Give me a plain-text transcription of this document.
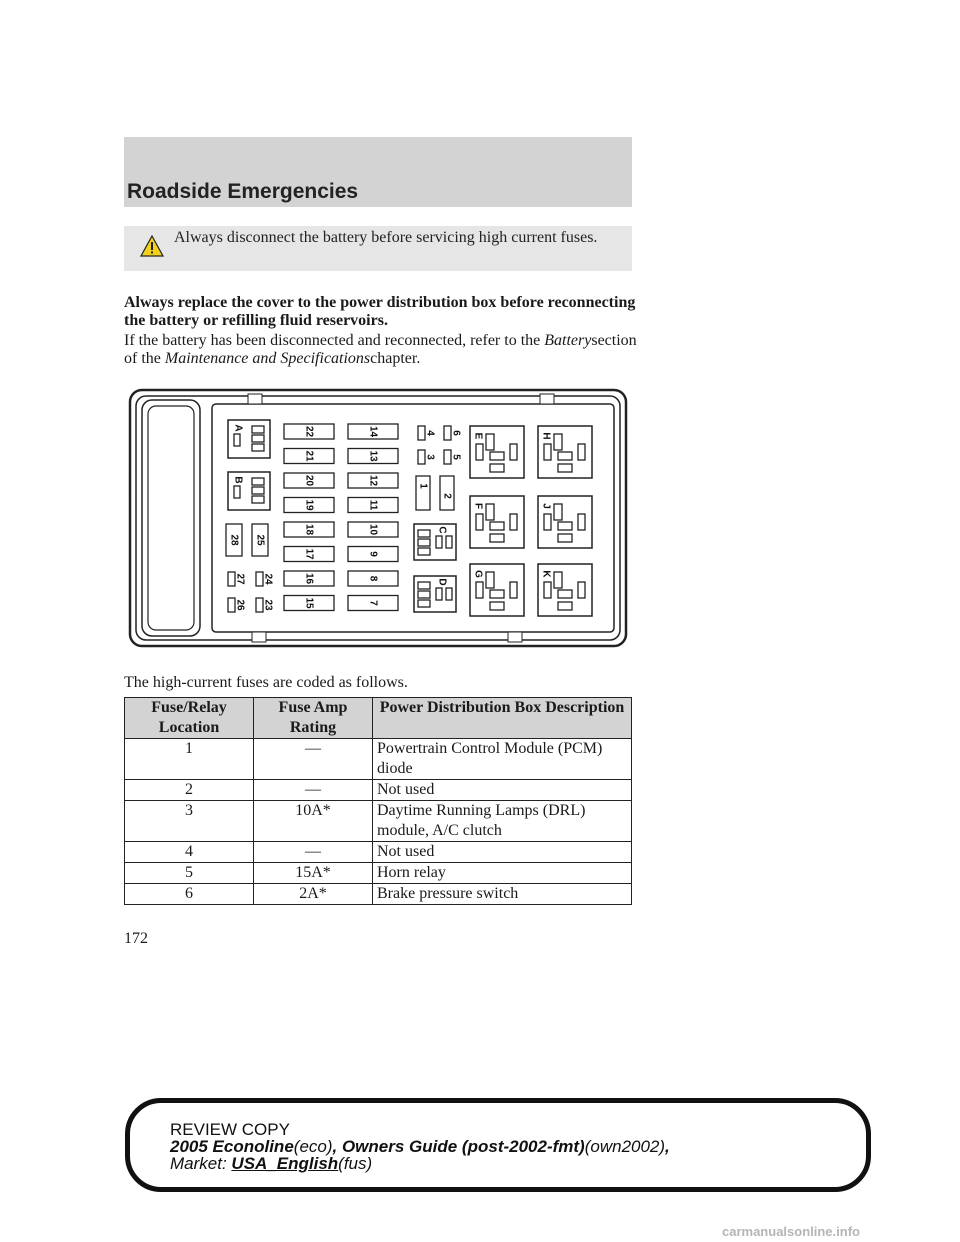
Roadside Emergencies
Always disconnect the battery before servicing high current fuses.
Always replace the cover to the power distribution box before reconnecting the battery or refilling fluid reservoirs.
If the battery has been disconnected and reconnected, refer to the Batterysection of the Maintenance and Specificationschapter.
A
B
28 25
27
26
24
23
22
21
20
19
18
17
16
15
14
13
12
11
10
9
8
7
4
3
6
5
1
2
C
D
E
F
G
H
J
K
Fuse/Relay Location	Fuse Amp Rating	Power Distribution Box Description
1	—	Powertrain Control Module (PCM) diode
2	—	Not used
3	10A*	Daytime Running Lamps (DRL) module, A/C clutch
4	—	Not used
5	15A*	Horn relay
6	2A*	Brake pressure switch
The high-current fuses are coded as follows.
172
REVIEW COPY
2005 Econoline(eco), Owners Guide (post-2002-fmt)(own2002),
Market: USA_English(fus)
carmanualsonline.info
